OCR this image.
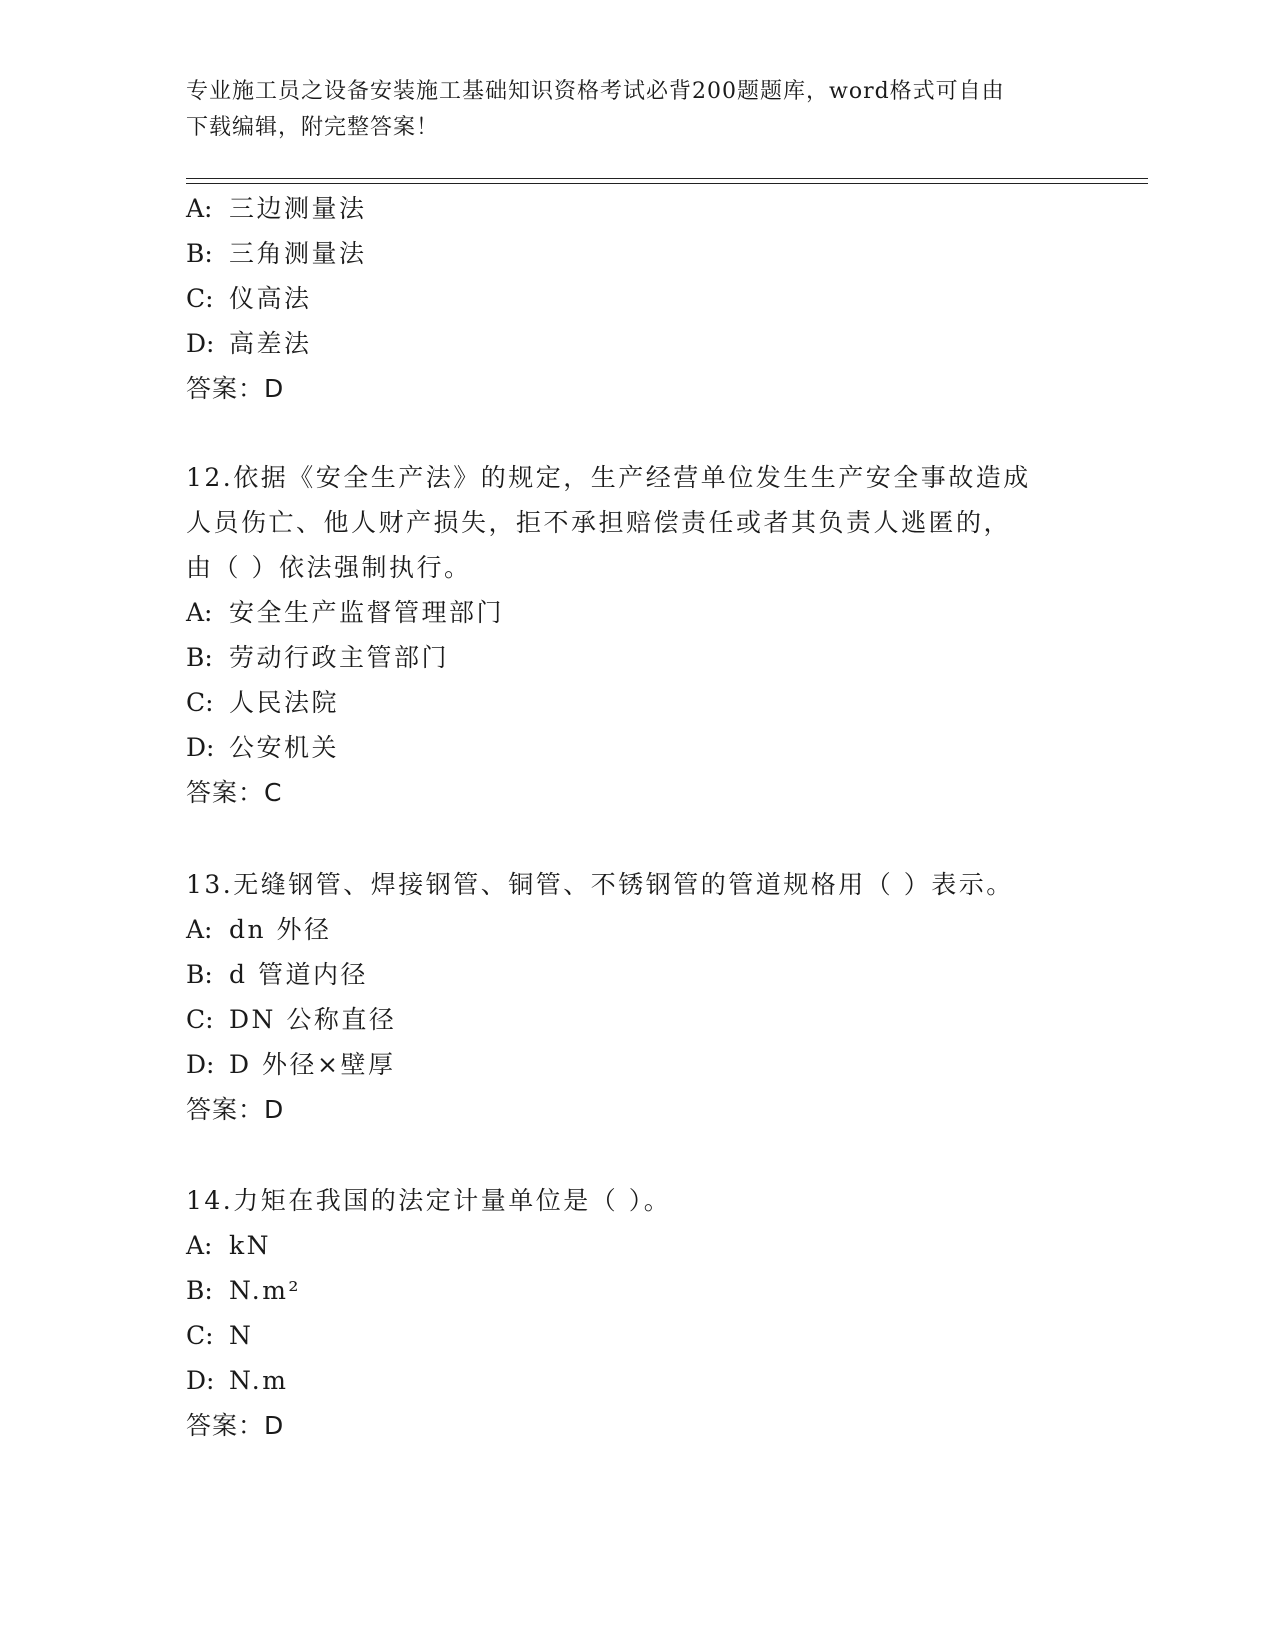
专业施工员之设备安装施工基础知识资格考试必背200题题库，word格式可自由
下载编辑，附完整答案！
A: 三边测量法
B: 三角测量法
C: 仪高法
D: 高差法
答案：D
12.依据《安全生产法》的规定，生产经营单位发生生产安全事故造成
人员伤亡、他人财产损失，拒不承担赔偿责任或者其负责人逃匿的，
由（ ）依法强制执行。
A: 安全生产监督管理部门
B: 劳动行政主管部门
C: 人民法院
D: 公安机关
答案：C
13.无缝钢管、焊接钢管、铜管、不锈钢管的管道规格用（ ）表示。
A: dn 外径
B: d 管道内径
C: DN 公称直径
D: D 外径×壁厚
答案：D
14.力矩在我国的法定计量单位是（ ）。
A: kN
B: N.m²
C: N
D: N.m
答案：D
